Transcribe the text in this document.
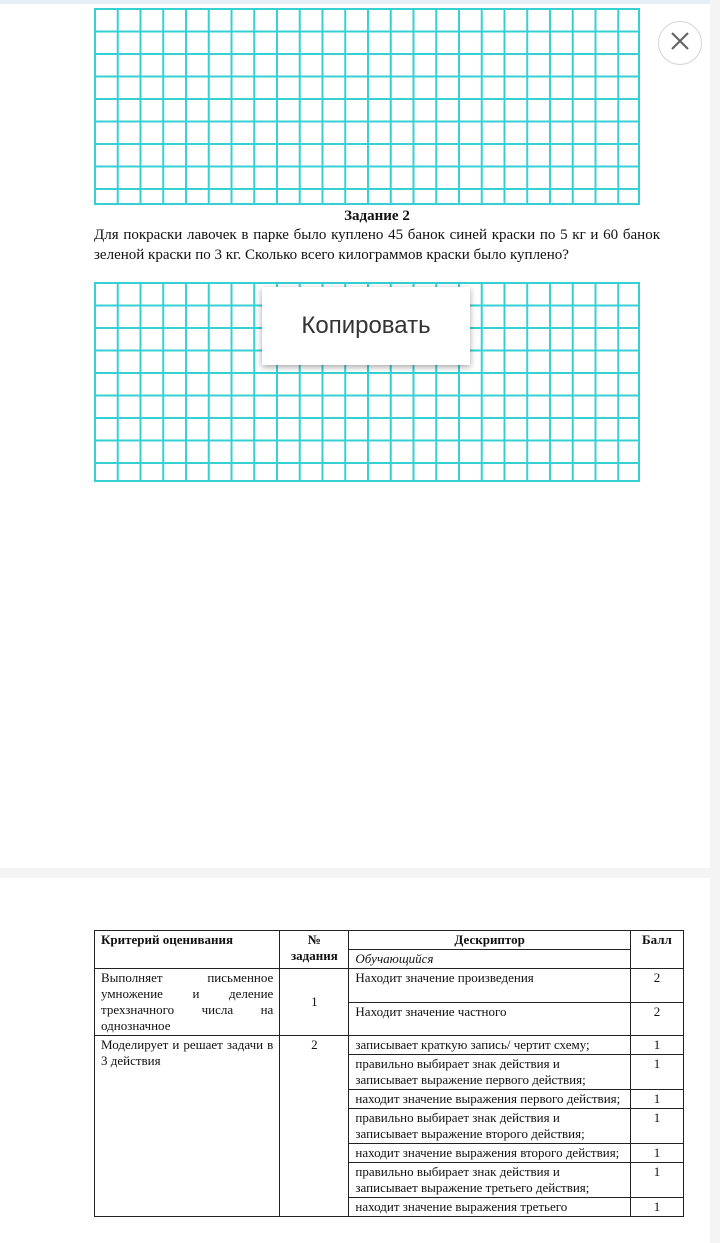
Задание 2
Для покраски лавочек в парке было куплено 45 банок синей краски по 5 кг и 60 банок зеленой краски по 3 кг. Сколько всего килограммов краски было куплено?
Копировать
Критерий оценивания	№ задания	Дескриптор	Балл
		Обучающийся	
Выполняет письменное умножение и деление трехзначного числа на однозначное	1	Находит значение произведения	2
		Находит значение частного	2
Моделирует и решает задачи в 3 действия	2	записывает краткую запись/ чертит схему;	1
		правильно выбирает знак действия и записывает выражение первого действия;	1
		находит значение выражения первого действия;	1
		правильно выбирает знак действия и записывает выражение второго действия;	1
		находит значение выражения второго действия;	1
		правильно выбирает знак действия и записывает выражение третьего действия;	1
		находит значение выражения третьего	1
